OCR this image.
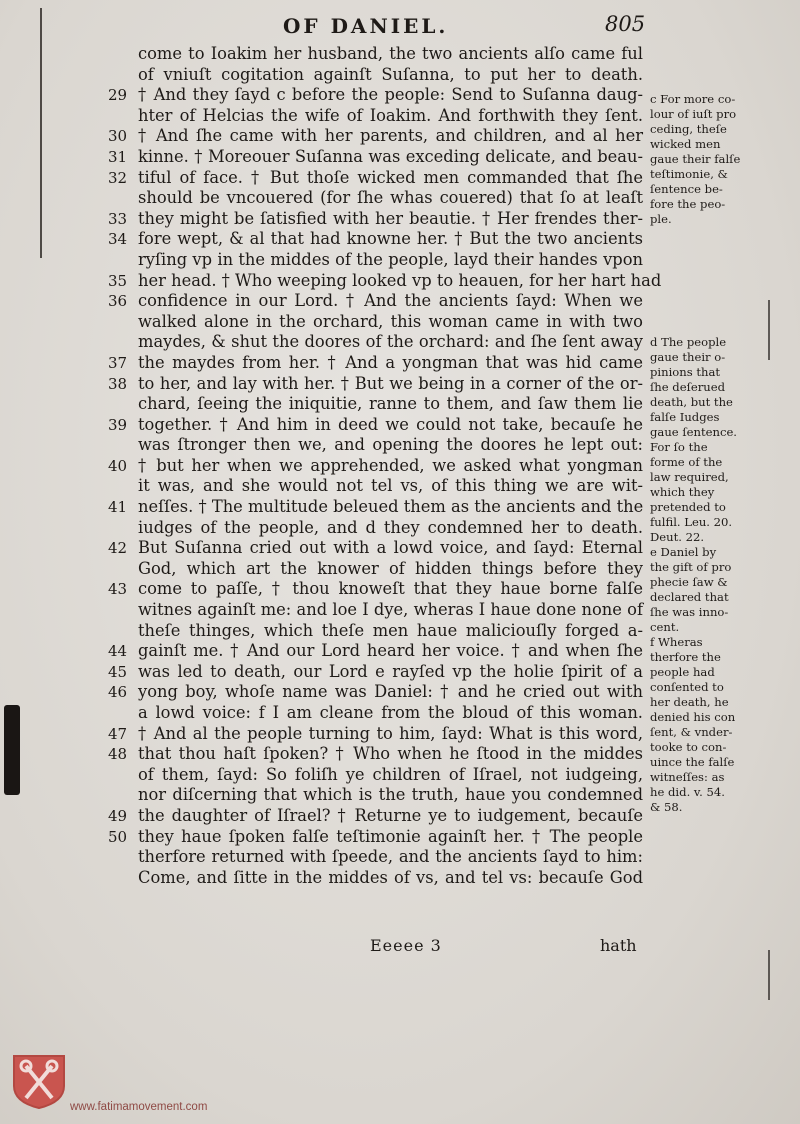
OF DANIEL.	805
come to Ioakim her husband, the two ancients alſo came ful
of vniuſt cogitation againſt Suſanna, to put her to death.
29 † And they ſayd c before the people: Send to Suſanna daug-
hter of Helcias the wife of Ioakim. And forthwith they ſent.
30 † And ſhe came with her parents, and children, and al her
31 kinne. † Moreouer Suſanna was exceding delicate, and beau-
32 tiful of face. † But thoſe wicked men commanded that ſhe
should be vncouered (for ſhe whas couered) that ſo at leaſt
33 they might be ſatisfied with her beautie. † Her frendes ther-
34 fore wept, & al that had knowne her. † But the two ancients
ryſing vp in the middes of the people, layd their handes vpon
35 her head. † Who weeping looked vp to heauen, for her hart had
36 confidence in our Lord. † And the ancients ſayd: When we
walked alone in the orchard, this woman came in with two
maydes, & shut the doores of the orchard: and ſhe ſent away
37 the maydes from her. † And a yongman that was hid came
38 to her, and lay with her. † But we being in a corner of the or-
chard, ſeeing the iniquitie, ranne to them, and ſaw them lie
39 together. † And him in deed we could not take, becauſe he
was ſtronger then we, and opening the doores he lept out:
40 † but her when we apprehended, we asked what yongman
it was, and she would not tel vs, of this thing we are wit-
41 neſſes. † The multitude beleued them as the ancients and the
iudges of the people, and d they condemned her to death.
42 But Suſanna cried out with a lowd voice, and ſayd: Eternal
God, which art the knower of hidden things before they
43 come to paſſe, † thou knoweſt that they haue borne falſe
witnes againſt me: and loe I dye, wheras I haue done none of
theſe thinges, which theſe men haue maliciouſly forged a-
44 gainſt me. † And our Lord heard her voice. † and when ſhe
45 was led to death, our Lord e rayſed vp the holie ſpirit of a
46 yong boy, whoſe name was Daniel: † and he cried out with
a lowd voice: f I am cleane from the bloud of this woman.
47 † And al the people turning to him, ſayd: What is this word,
48 that thou haſt ſpoken? † Who when he ſtood in the middes
of them, ſayd: So foliſh ye children of Iſrael, not iudgeing,
nor diſcerning that which is the truth, haue you condemned
49 the daughter of Iſrael? † Returne ye to iudgement, becauſe
50 they haue ſpoken falſe teſtimonie againſt her. † The people
therfore returned with ſpeede, and the ancients ſayd to him:
Come, and ſitte in the middes of vs, and tel vs: becauſe God
c For more co-
lour of iuſt pro
ceding, theſe
wicked men
gaue their falſe
teſtimonie, &
ſentence be-
fore the peo-
ple.
d The people
gaue their o-
pinions that
ſhe deſerued
death, but the
falſe Iudges
gaue ſentence.
For ſo the
forme of the
law required,
which they
pretended to
fulfil. Leu. 20.
Deut. 22.
e Daniel by
the gift of pro
phecie ſaw &
declared that
ſhe was inno-
cent.
f Wheras
therfore the
people had
conſented to
her death, he
denied his con
ſent, & vnder-
tooke to con-
uince the falſe
witneſſes: as
he did. v. 54.
& 58.
Eeeee 3	hath
www.fatimamovement.com
